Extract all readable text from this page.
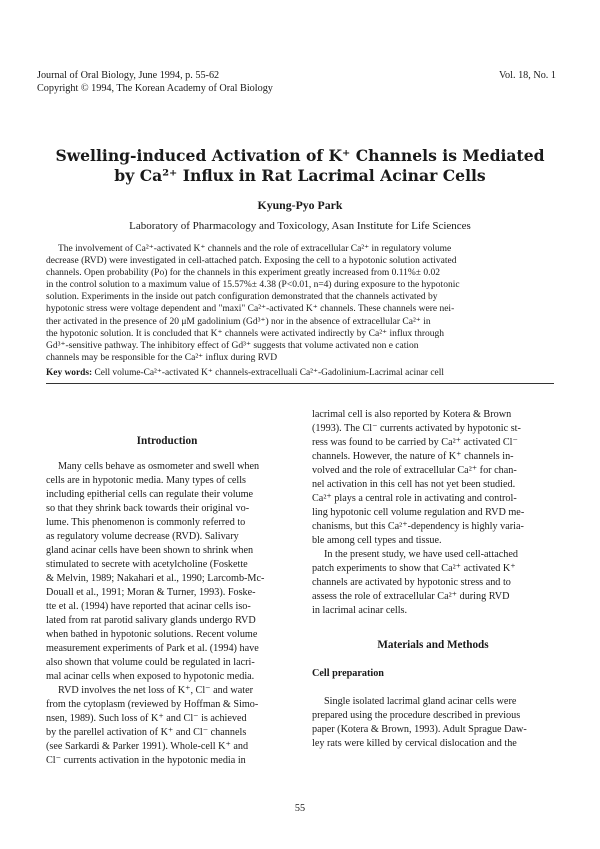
Journal of Oral Biology, June 1994, p. 55-62
Copyright © 1994, The Korean Academy of Oral Biology
Vol. 18, No. 1
Swelling-induced Activation of K⁺ Channels is Mediated
by Ca²⁺ Influx in Rat Lacrimal Acinar Cells
Kyung-Pyo Park
Laboratory of Pharmacology and Toxicology, Asan Institute for Life Sciences
The involvement of Ca²⁺-activated K⁺ channels and the role of extracellular Ca²⁺ in regulatory volume
decrease (RVD) were investigated in cell-attached patch. Exposing the cell to a hypotonic solution activated
channels. Open probability (Po) for the channels in this experiment greatly increased from 0.11%± 0.02
in the control solution to a maximum value of 15.57%± 4.38 (P<0.01, n=4) during exposure to the hypotonic
solution. Experiments in the inside out patch configuration demonstrated that the channels activated by
hypotonic stress were voltage dependent and "maxi" Ca²⁺-activated K⁺ channels. These channels were nei-
ther activated in the presence of 20 μM gadolinium (Gd³⁺) nor in the absence of extracellular Ca²⁺ in
the hypotonic solution. It is concluded that K⁺ channels were activated indirectly by Ca²⁺ influx through
Gd³⁺-sensitive pathway. The inhibitory effect of Gd³⁺ suggests that volume activated non e cation
channels may be responsible for the Ca²⁺ influx during RVD
Key words: Cell volume-Ca²⁺-activated K⁺ channels-extracelluali Ca²⁺-Gadolinium-Lacrimal acinar cell
Introduction
Many cells behave as osmometer and swell when
cells are in hypotonic media. Many types of cells
including epitherial cells can regulate their volume
so that they shrink back towards their original vo-
lume. This phenomenon is commonly referred to
as regulatory volume decrease (RVD). Salivary
gland acinar cells have been shown to shrink when
stimulated to secrete with acetylcholine (Foskette
& Melvin, 1989; Nakahari et al., 1990; Larcomb-Mc-
Douall et al., 1991; Moran & Turner, 1993). Foske-
tte et al. (1994) have reported that acinar cells iso-
lated from rat parotid salivary glands undergo RVD
when bathed in hypotonic solutions. Recent volume
measurement experiments of Park et al. (1994) have
also shown that volume could be regulated in lacri-
mal acinar cells when exposed to hypotonic media.
RVD involves the net loss of K⁺, Cl⁻ and water
from the cytoplasm (reviewed by Hoffman & Simo-
nsen, 1989). Such loss of K⁺ and Cl⁻ is achieved
by the parellel activation of K⁺ and Cl⁻ channels
(see Sarkardi & Parker 1991). Whole-cell K⁺ and
Cl⁻ currents activation in the hypotonic media in
lacrimal cell is also reported by Kotera & Brown
(1993). The Cl⁻ currents activated by hypotonic st-
ress was found to be carried by Ca²⁺ activated Cl⁻
channels. However, the nature of K⁺ channels in-
volved and the role of extracellular Ca²⁺ for chan-
nel activation in this cell has not yet been studied.
Ca²⁺ plays a central role in activating and control-
ling hypotonic cell volume regulation and RVD me-
chanisms, but this Ca²⁺-dependency is highly varia-
ble among cell types and tissue.
In the present study, we have used cell-attached
patch experiments to show that Ca²⁺ activated K⁺
channels are activated by hypotonic stress and to
assess the role of extracellular Ca²⁺ during RVD
in lacrimal acinar cells.
Materials and Methods
Cell preparation
Single isolated lacrimal gland acinar cells were
prepared using the procedure described in previous
paper (Kotera & Brown, 1993). Adult Sprague Daw-
ley rats were killed by cervical dislocation and the
55
